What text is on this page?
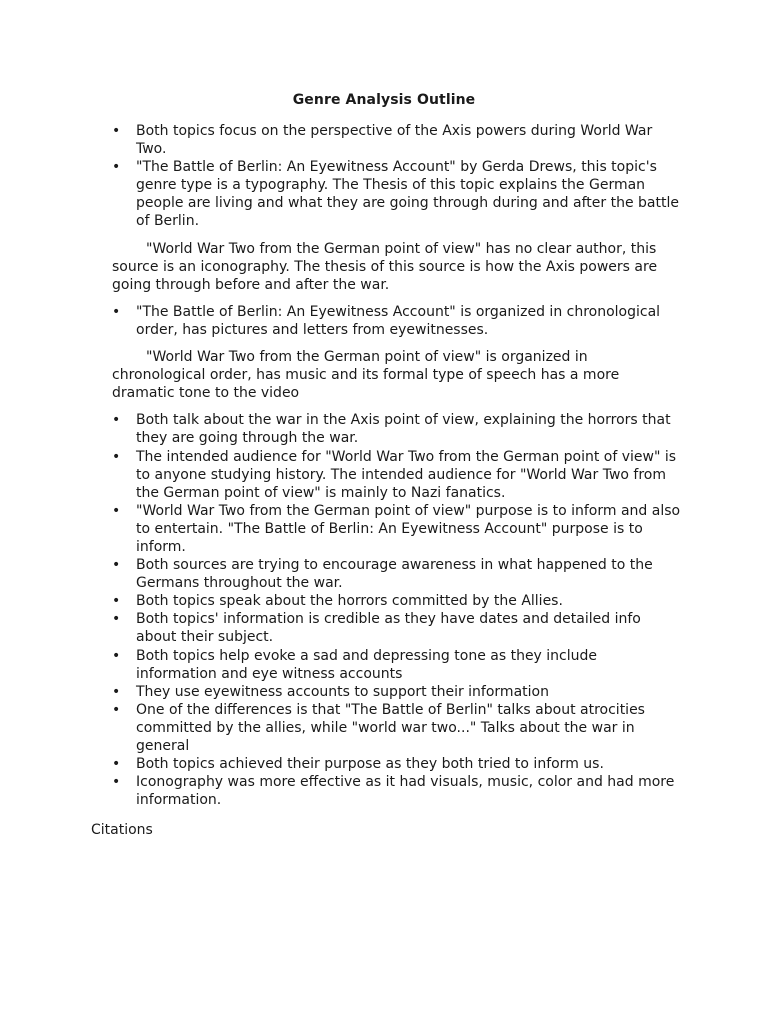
Genre Analysis Outline
• Both topics focus on the perspective of the Axis powers during World War Two.
• "The Battle of Berlin: An Eyewitness Account" by Gerda Drews, this topic's genre type is a typography. The Thesis of this topic explains the German people are living and what they are going through during and after the battle of Berlin.

"World War Two from the German point of view" has no clear author, this source is an iconography. The thesis of this source is how the Axis powers are going through before and after the war.

• "The Battle of Berlin: An Eyewitness Account" is organized in chronological order, has pictures and letters from eyewitnesses.

"World War Two from the German point of view" is organized in chronological order, has music and its formal type of speech has a more dramatic tone to the video

• Both talk about the war in the Axis point of view, explaining the horrors that they are going through the war.
• The intended audience for "World War Two from the German point of view" is to anyone studying history. The intended audience for "World War Two from the German point of view" is mainly to Nazi fanatics.
• "World War Two from the German point of view" purpose is to inform and also to entertain. "The Battle of Berlin: An Eyewitness Account" purpose is to inform.
• Both sources are trying to encourage awareness in what happened to the Germans throughout the war.
• Both topics speak about the horrors committed by the Allies.
• Both topics' information is credible as they have dates and detailed info about their subject.
• Both topics help evoke a sad and depressing tone as they include information and eye witness accounts
• They use eyewitness accounts to support their information
• One of the differences is that "The Battle of Berlin" talks about atrocities committed by the allies, while "world war two..." Talks about the war in general
• Both topics achieved their purpose as they both tried to inform us.
• Iconography was more effective as it had visuals, music, color and had more information.
Citations
